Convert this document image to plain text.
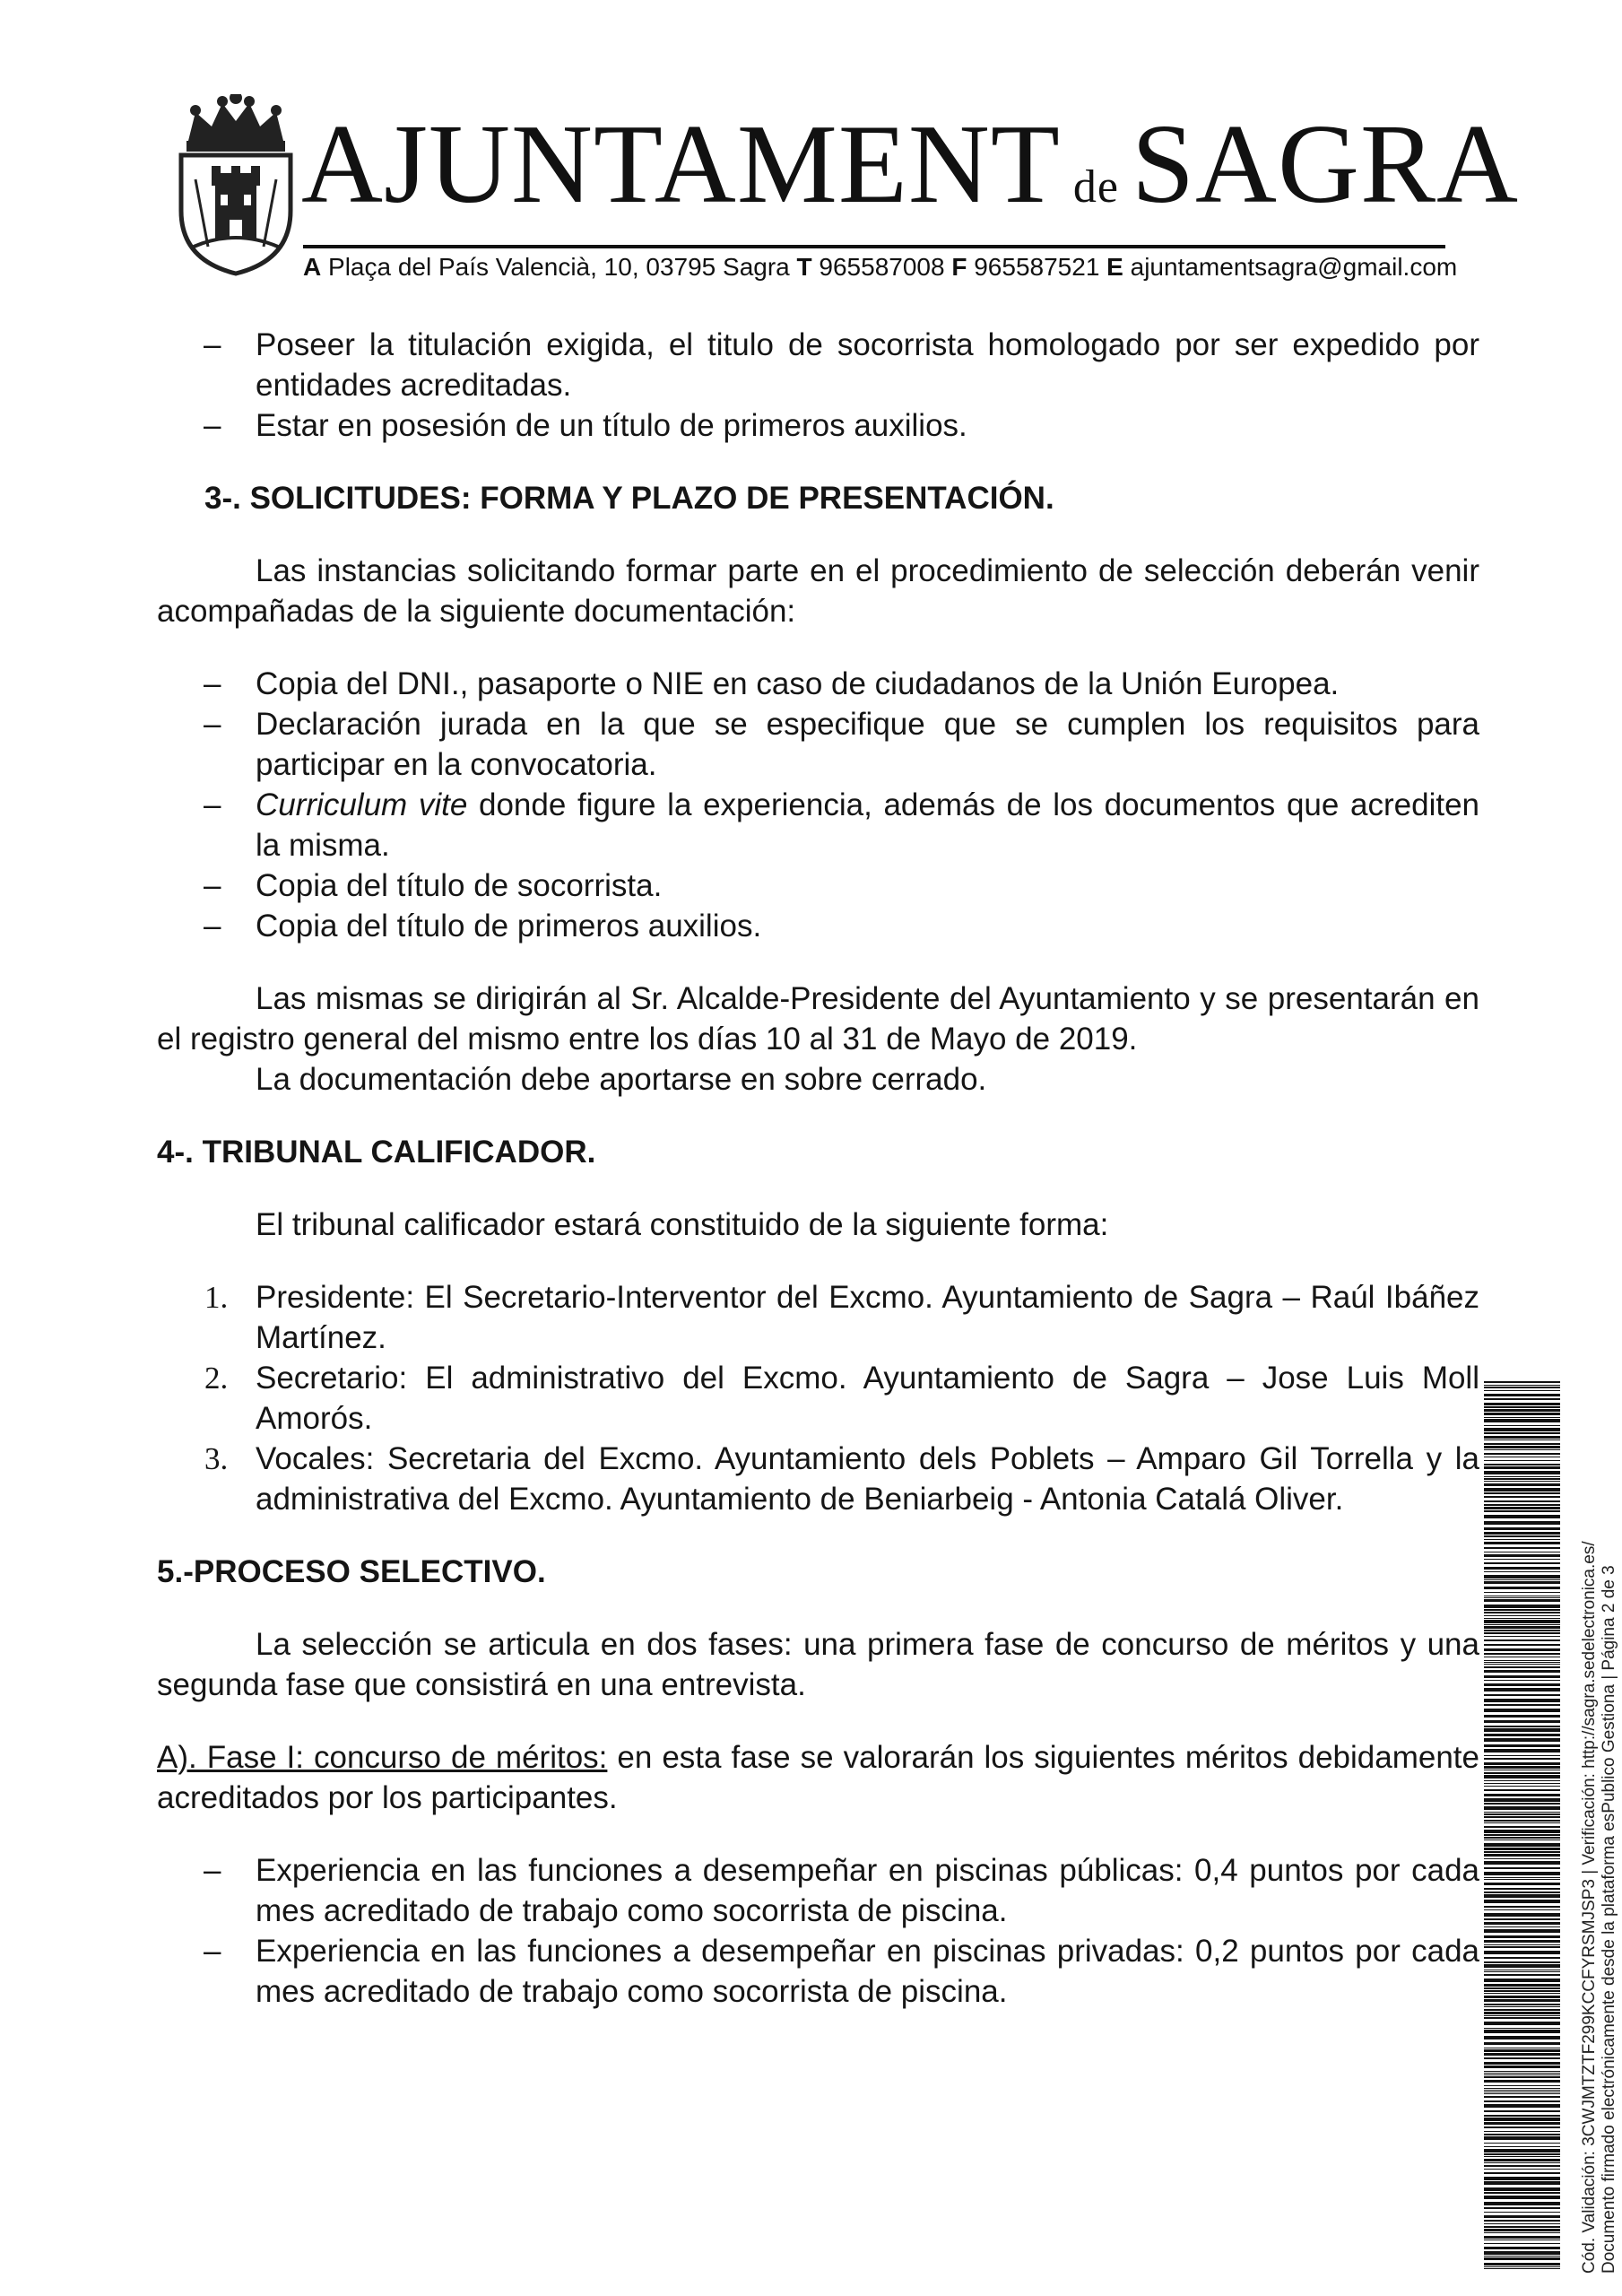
AJUNTAMENT de SAGRA
A Plaça del País Valencià, 10, 03795 Sagra T 965587008 F 965587521 E ajuntamentsagra@gmail.com
– Poseer la titulación exigida, el titulo de socorrista homologado por ser expedido por entidades acreditadas.
– Estar en posesión de un título de primeros auxilios.

3-. SOLICITUDES: FORMA Y PLAZO DE PRESENTACIÓN.

Las instancias solicitando formar parte en el procedimiento de selección deberán venir acompañadas de la siguiente documentación:

– Copia del DNI., pasaporte o NIE en caso de ciudadanos de la Unión Europea.
– Declaración jurada en la que se especifique que se cumplen los requisitos para participar en la convocatoria.
– Curriculum vite donde figure la experiencia, además de los documentos que acrediten la misma.
– Copia del título de socorrista.
– Copia del título de primeros auxilios.

Las mismas se dirigirán al Sr. Alcalde-Presidente del Ayuntamiento y se presentarán en el registro general del mismo entre los días 10 al 31 de Mayo de 2019.

La documentación debe aportarse en sobre cerrado.

4-. TRIBUNAL CALIFICADOR.

El tribunal calificador estará constituido de la siguiente forma:

1. Presidente: El Secretario-Interventor del Excmo. Ayuntamiento de Sagra – Raúl Ibáñez Martínez.
2. Secretario: El administrativo del Excmo. Ayuntamiento de Sagra – Jose Luis Moll Amorós.
3. Vocales: Secretaria del Excmo. Ayuntamiento dels Poblets – Amparo Gil Torrella y la administrativa del Excmo. Ayuntamiento de Beniarbeig - Antonia Catalá Oliver.

5.-PROCESO SELECTIVO.

La selección se articula en dos fases: una primera fase de concurso de méritos y una segunda fase que consistirá en una entrevista.

A). Fase I: concurso de méritos: en esta fase se valorarán los siguientes méritos debidamente acreditados por los participantes.

– Experiencia en las funciones a desempeñar en piscinas públicas: 0,4 puntos por cada mes acreditado de trabajo como socorrista de piscina.
– Experiencia en las funciones a desempeñar en piscinas privadas: 0,2 puntos por cada mes acreditado de trabajo como socorrista de piscina.	Cód. Validación: 3CWJMTZTF299KCCFYRSMJSP3 | Verificación: http://sagra.sedelectronica.es/ Documento firmado electrónicamente desde la plataforma esPublico Gestiona | Página 2 de 3
